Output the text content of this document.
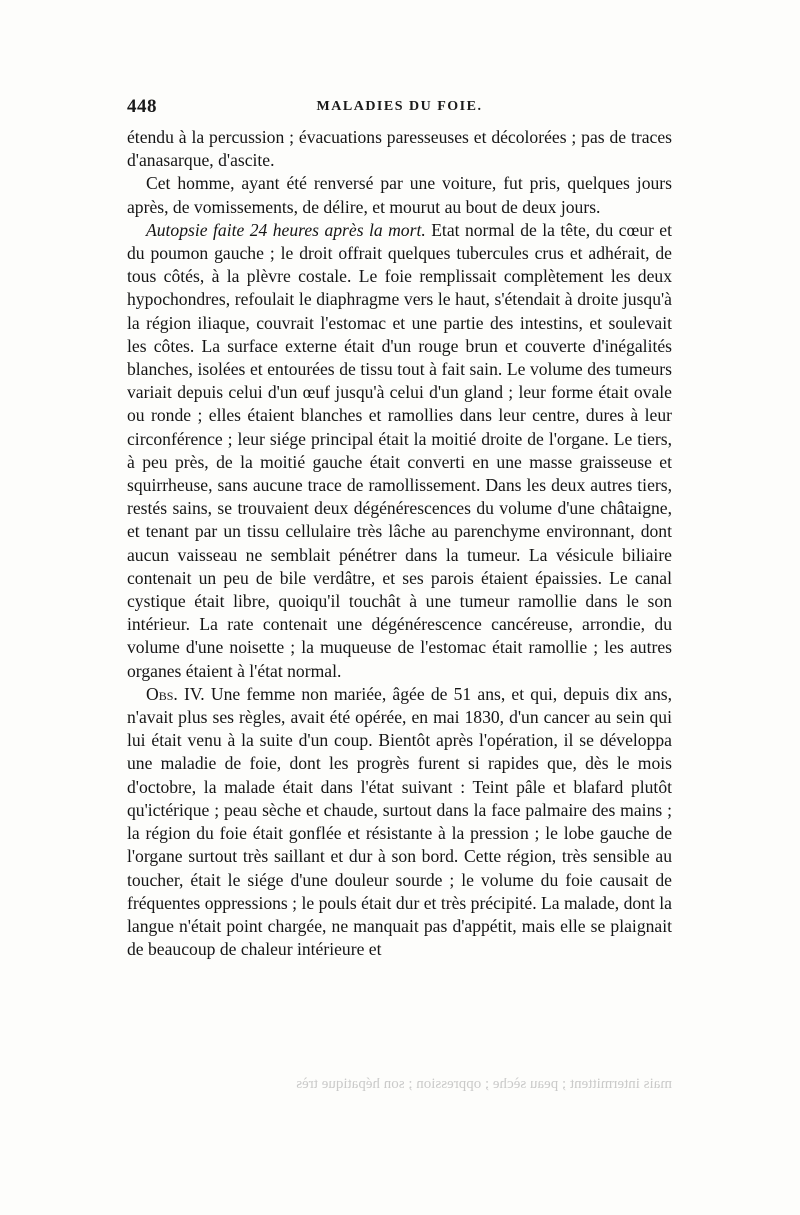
448	MALADIES DU FOIE.

étendu à la percussion ; évacuations paresseuses et décolorées ; pas de traces d'anasarque, d'ascite.

Cet homme, ayant été renversé par une voiture, fut pris, quelques jours après, de vomissements, de délire, et mourut au bout de deux jours.

Autopsie faite 24 heures après la mort. Etat normal de la tête, du cœur et du poumon gauche ; le droit offrait quelques tubercules crus et adhérait, de tous côtés, à la plèvre costale. Le foie remplissait complètement les deux hypochondres, refoulait le diaphragme vers le haut, s'étendait à droite jusqu'à la région iliaque, couvrait l'estomac et une partie des intestins, et soulevait les côtes. La surface externe était d'un rouge brun et couverte d'inégalités blanches, isolées et entourées de tissu tout à fait sain. Le volume des tumeurs variait depuis celui d'un œuf jusqu'à celui d'un gland ; leur forme était ovale ou ronde ; elles étaient blanches et ramollies dans leur centre, dures à leur circonférence ; leur siége principal était la moitié droite de l'organe. Le tiers, à peu près, de la moitié gauche était converti en une masse graisseuse et squirrheuse, sans aucune trace de ramollissement. Dans les deux autres tiers, restés sains, se trouvaient deux dégénérescences du volume d'une châtaigne, et tenant par un tissu cellulaire très lâche au parenchyme environnant, dont aucun vaisseau ne semblait pénétrer dans la tumeur. La vésicule biliaire contenait un peu de bile verdâtre, et ses parois étaient épaissies. Le canal cystique était libre, quoiqu'il touchât à une tumeur ramollie dans le son intérieur. La rate contenait une dégénérescence cancéreuse, arrondie, du volume d'une noisette ; la muqueuse de l'estomac était ramollie ; les autres organes étaient à l'état normal.

Obs. IV. Une femme non mariée, âgée de 51 ans, et qui, depuis dix ans, n'avait plus ses règles, avait été opérée, en mai 1830, d'un cancer au sein qui lui était venu à la suite d'un coup. Bientôt après l'opération, il se développa une maladie de foie, dont les progrès furent si rapides que, dès le mois d'octobre, la malade était dans l'état suivant : Teint pâle et blafard plutôt qu'ictérique ; peau sèche et chaude, surtout dans la face palmaire des mains ; la région du foie était gonflée et résistante à la pression ; le lobe gauche de l'organe surtout très saillant et dur à son bord. Cette région, très sensible au toucher, était le siége d'une douleur sourde ; le volume du foie causait de fréquentes oppressions ; le pouls était dur et très précipité. La malade, dont la langue n'était point chargée, ne manquait pas d'appétit, mais elle se plaignait de beaucoup de chaleur intérieure et

mais intermittent ; peau sèche ; oppression ; son hépatique très
